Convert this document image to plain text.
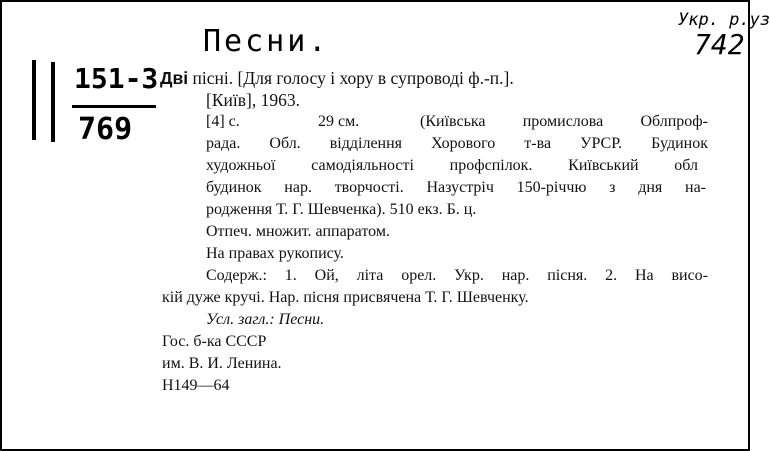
Песни.
Укр. р.уз
742
151-3
769
Дві пісні. [Для голосу і хору в супроводі ф.-п.].
[Київ], 1963.
[4] с.	29 см.	(Київська промислова Облпроф-
рада. Обл. відділення Хорового т-ва УРСР. Будинок
художньої самодіяльності профспілок. Київський обл
будинок нар. творчості. Назустріч 150-річчю з дня на-
родження Т. Г. Шевченка). 510 екз. Б. ц.
Отпеч. множит. аппаратом.
На правах рукопису.
Содерж.: 1. Ой, літа орел. Укр. нар. пісня. 2. На висо-
кій дуже кручі. Нар. пісня присвячена Т. Г. Шевченку.
Усл. загл.: Песни.
Гос. б-ка СССР
им. В. И. Ленина.
Н149—64
